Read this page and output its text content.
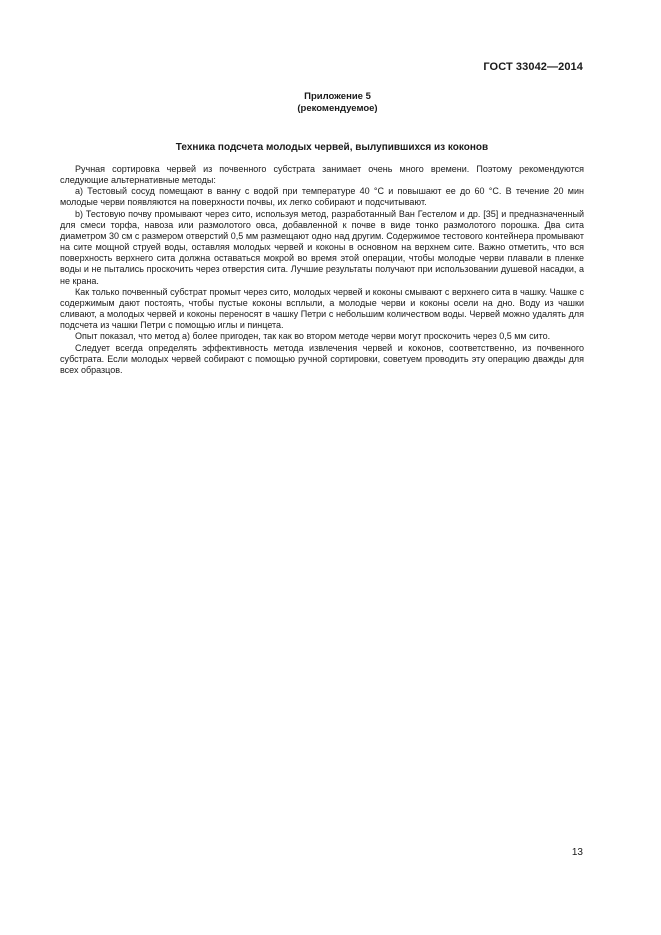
ГОСТ 33042—2014
Приложение 5
(рекомендуемое)
Техника подсчета молодых червей, вылупившихся из коконов

Ручная сортировка червей из почвенного субстрата занимает очень много времени. Поэтому рекомендуются следующие альтернативные методы:

a) Тестовый сосуд помещают в ванну с водой при температуре 40 °С и повышают ее до 60 °С. В течение 20 мин молодые черви появляются на поверхности почвы, их легко собирают и подсчитывают.

b) Тестовую почву промывают через сито, используя метод, разработанный Ван Гестелом и др. [35] и предназначенный для смеси торфа, навоза или размолотого овса, добавленной к почве в виде тонко размолотого порошка. Два сита диаметром 30 см с размером отверстий 0,5 мм размещают одно над другим. Содержимое тестового контейнера промывают на сите мощной струей воды, оставляя молодых червей и коконы в основном на верхнем сите. Важно отметить, что вся поверхность верхнего сита должна оставаться мокрой во время этой операции, чтобы молодые черви плавали в пленке воды и не пытались проскочить через отверстия сита. Лучшие результаты получают при использовании душевой насадки, а не крана.

Как только почвенный субстрат промыт через сито, молодых червей и коконы смывают с верхнего сита в чашку. Чашке с содержимым дают постоять, чтобы пустые коконы всплыли, а молодые черви и коконы осели на дно. Воду из чашки сливают, а молодых червей и коконы переносят в чашку Петри с небольшим количеством воды. Червей можно удалять для подсчета из чашки Петри с помощью иглы и пинцета.

Опыт показал, что метод а) более пригоден, так как во втором методе черви могут проскочить через 0,5 мм сито.

Следует всегда определять эффективность метода извлечения червей и коконов, соответственно, из почвенного субстрата. Если молодых червей собирают с помощью ручной сортировки, советуем проводить эту операцию дважды для всех образцов.

13
